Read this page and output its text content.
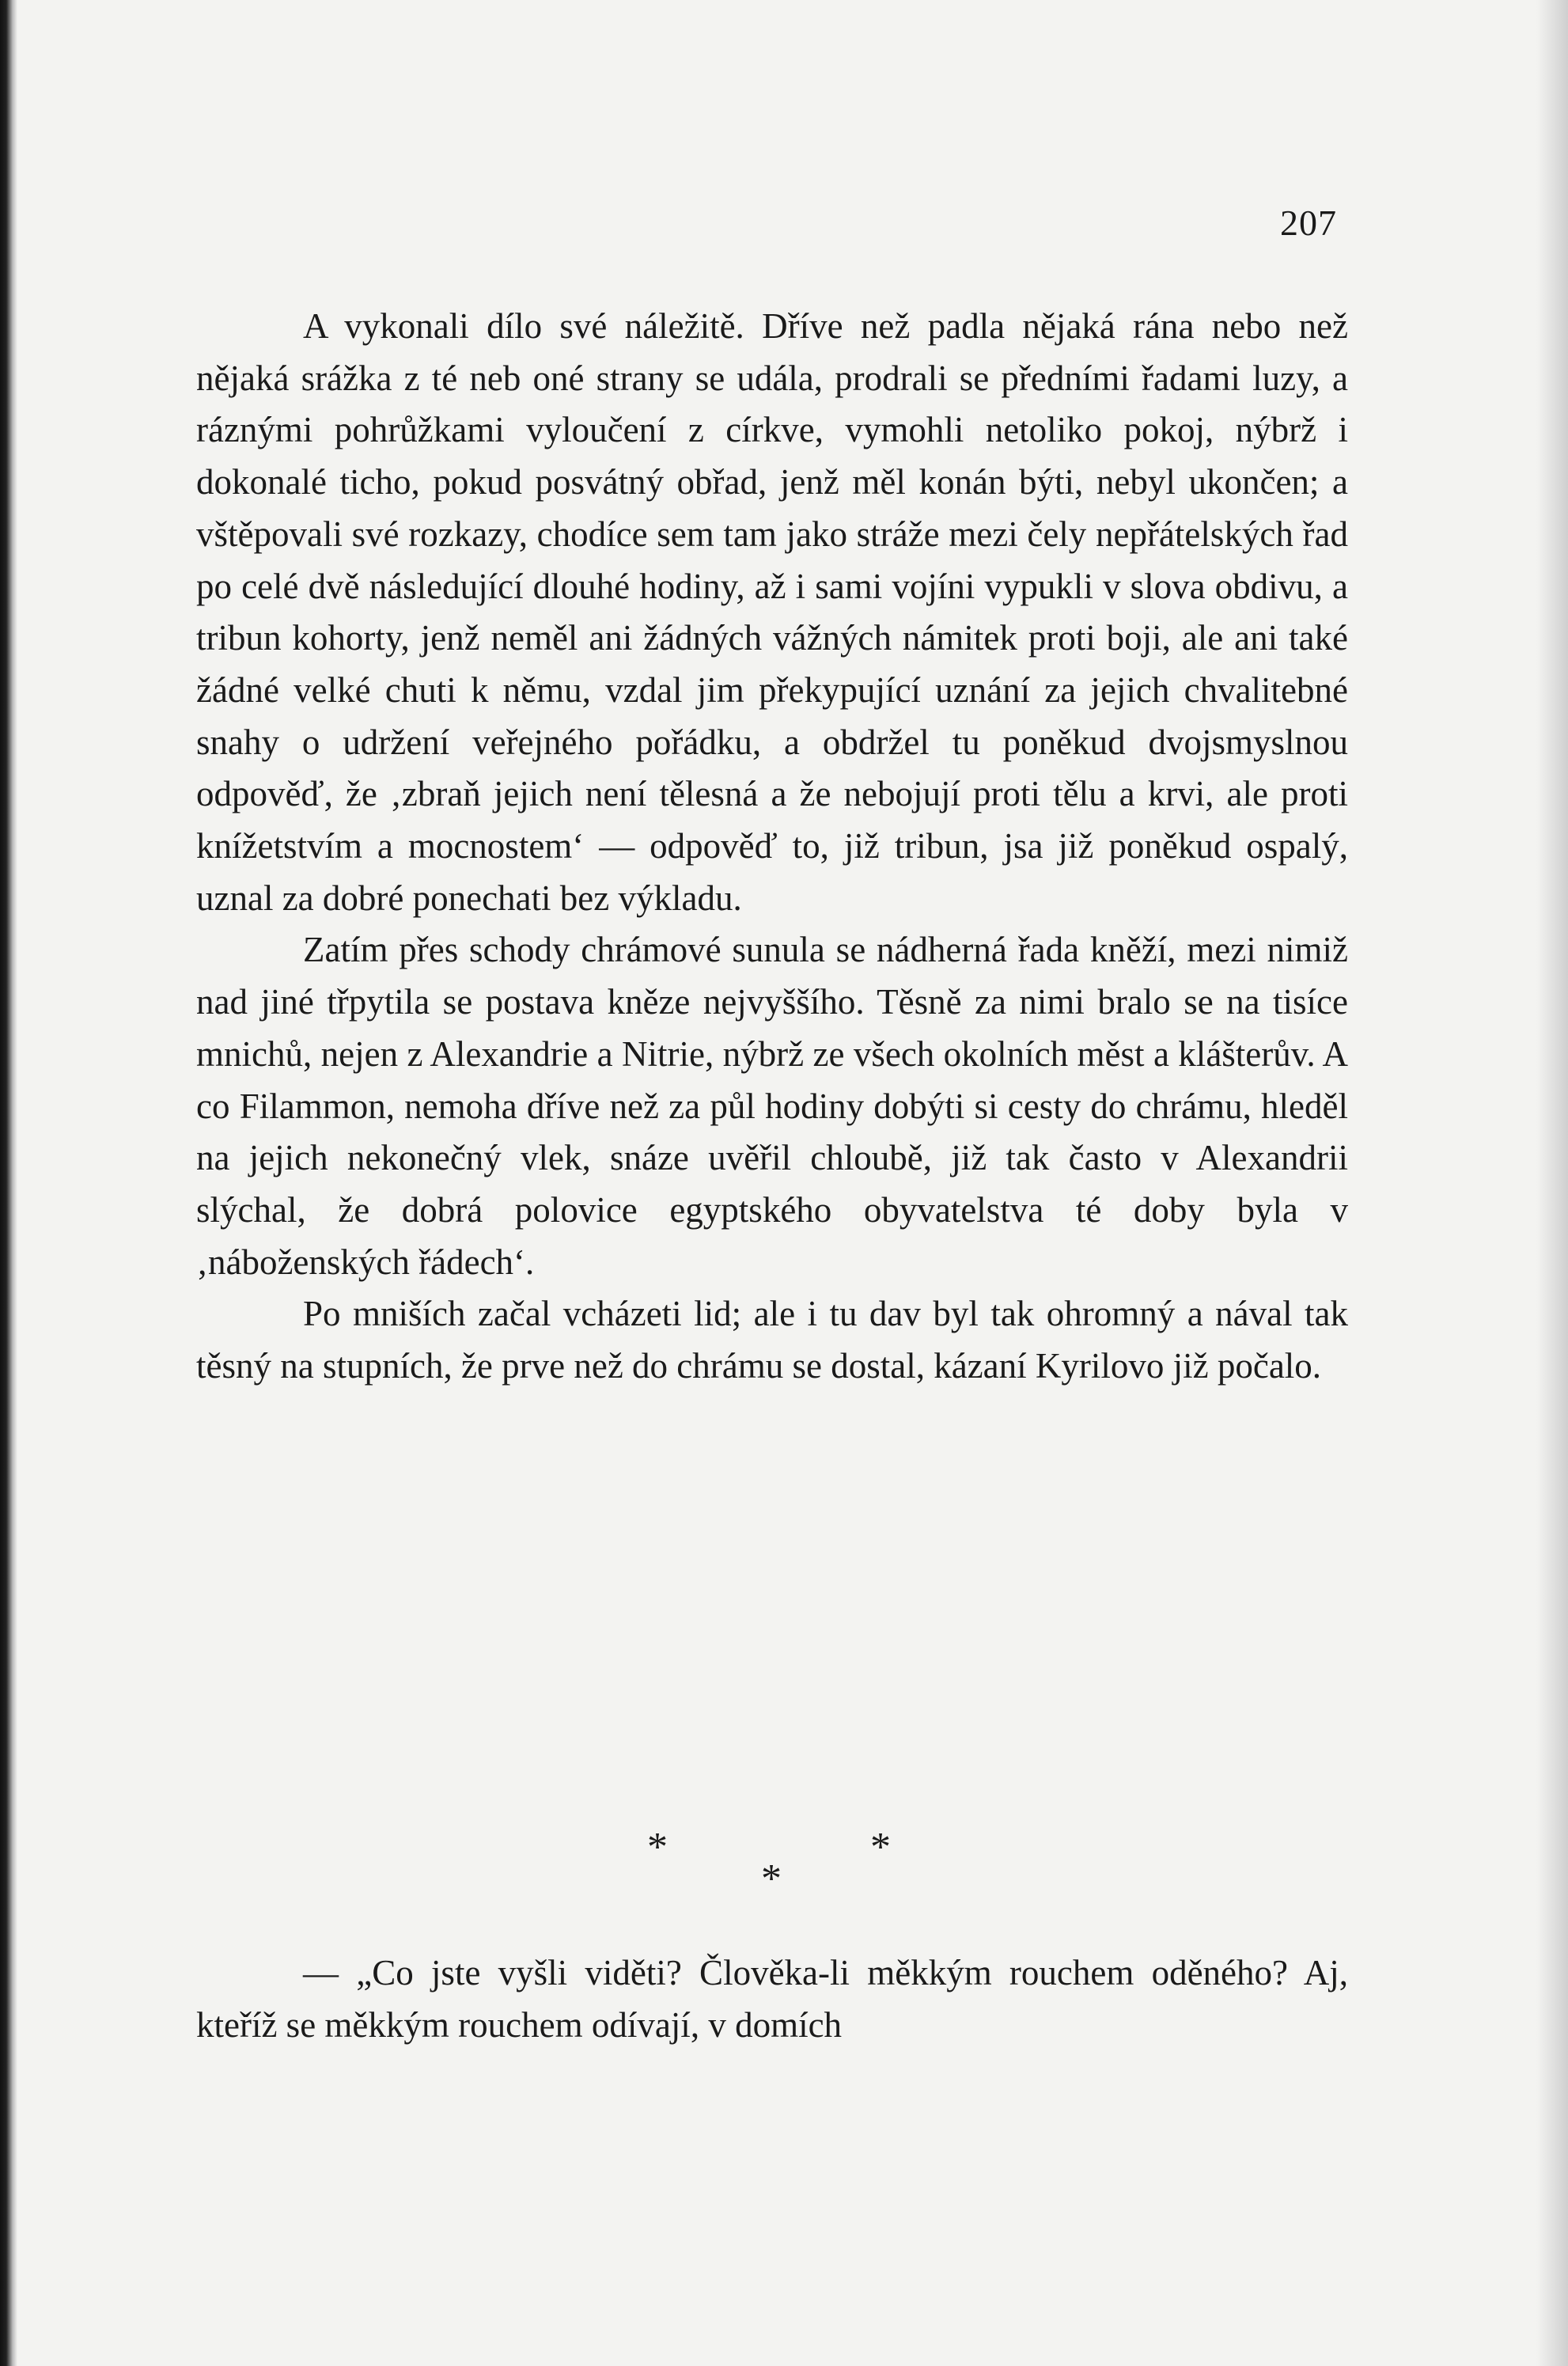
207

A vykonali dílo své náležitě. Dříve než padla nějaká rána nebo než nějaká srážka z té neb oné strany se udála, prodrali se předními řadami luzy, a ráznými pohrůžkami vyloučení z církve, vymohli netoliko pokoj, nýbrž i dokonalé ticho, pokud posvátný obřad, jenž měl konán býti, nebyl ukončen; a vštěpovali své rozkazy, chodíce sem tam jako stráže mezi čely nepřátelských řad po celé dvě následující dlouhé hodiny, až i sami vojíni vypukli v slova obdivu, a tribun kohorty, jenž neměl ani žádných vážných námitek proti boji, ale ani také žádné velké chuti k němu, vzdal jim překypující uznání za jejich chvalitebné snahy o udržení veřejného pořádku, a obdržel tu poněkud dvojsmyslnou odpověď, že ‚zbraň jejich není tělesná a že nebojují proti tělu a krvi, ale proti knížetstvím a mocnostem‘ — odpověď to, již tribun, jsa již poněkud ospalý, uznal za dobré ponechati bez výkladu.

Zatím přes schody chrámové sunula se nádherná řada kněží, mezi nimiž nad jiné třpytila se postava kněze nejvyššího. Těsně za nimi bralo se na tisíce mnichů, nejen z Alexandrie a Nitrie, nýbrž ze všech okolních měst a klášterův. A co Filammon, nemoha dříve než za půl hodiny dobýti si cesty do chrámu, hleděl na jejich nekonečný vlek, snáze uvěřil chloubě, již tak často v Alexandrii slýchal, že dobrá polovice egyptského obyvatelstva té doby byla v ‚náboženských řádech‘.

Po mniších začal vcházeti lid; ale i tu dav byl tak ohromný a nával tak těsný na stupních, že prve než do chrámu se dostal, kázaní Kyrilovo již počalo.

*
*
*

— „Co jste vyšli viděti? Člověka-li měkkým rouchem oděného? Aj, kteříž se měkkým rouchem odívají, v domích
